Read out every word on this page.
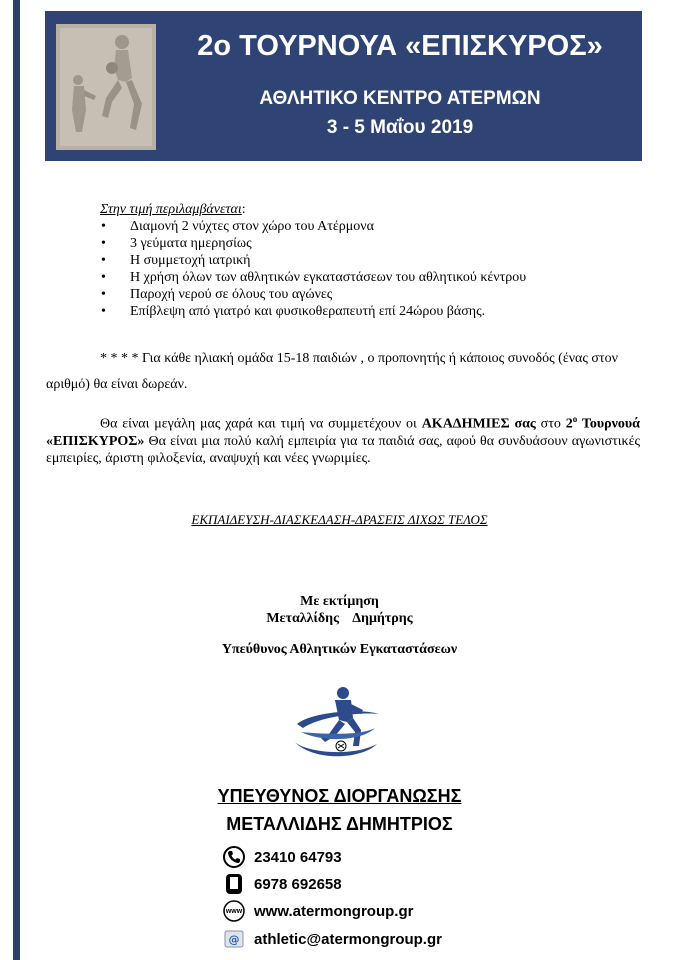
2ο ΤΟΥΡΝΟΥΑ «ΕΠΙΣΚΥΡΟΣ»
ΑΘΛΗΤΙΚΟ ΚΕΝΤΡΟ ΑΤΕΡΜΩΝ
3 - 5 Μαΐου 2019
Στην τιμή περιλαμβάνεται:
• Διαμονή 2 νύχτες στον χώρο του Ατέρμονα
• 3 γεύματα ημερησίως
• Η συμμετοχή ιατρική
• Η χρήση όλων των αθλητικών εγκαταστάσεων του αθλητικού κέντρου
• Παροχή νερού σε όλους του αγώνες
• Επίβλεψη από γιατρό και φυσικοθεραπευτή επί 24ώρου βάσης.
* * * * Για κάθε ηλιακή ομάδα 15-18 παιδιών , ο προπονητής ή κάποιος συνοδός (ένας στον αριθμό) θα είναι δωρεάν.
Θα είναι μεγάλη μας χαρά και τιμή να συμμετέχουν οι ΑΚΑΔΗΜΙΕΣ σας στο $2^o$ Τουρνουά «ΕΠΙΣΚΥΡΟΣ» Θα είναι μια πολύ καλή εμπειρία για τα παιδιά σας, αφού θα συνδυάσουν αγωνιστικές εμπειρίες, άριστη φιλοξενία, αναψυχή και νέες γνωριμίες.
ΕΚΠΑΙΔΕΥΣΗ-ΔΙΑΣΚΕΔΑΣΗ-ΔΡΑΣΕΙΣ ΔΙΧΩΣ ΤΕΛΟΣ
Με εκτίμηση
Μεταλλίδης    Δημήτρης
Υπεύθυνος Αθλητικών Εγκαταστάσεων
ΥΠΕΥΘΥΝΟΣ ΔΙΟΡΓΑΝΩΣΗΣ
ΜΕΤΑΛΛΙΔΗΣ ΔΗΜΗΤΡΙΟΣ
23410 64793
6978 692658
www www.atermongroup.gr
@ athletic@atermongroup.gr
